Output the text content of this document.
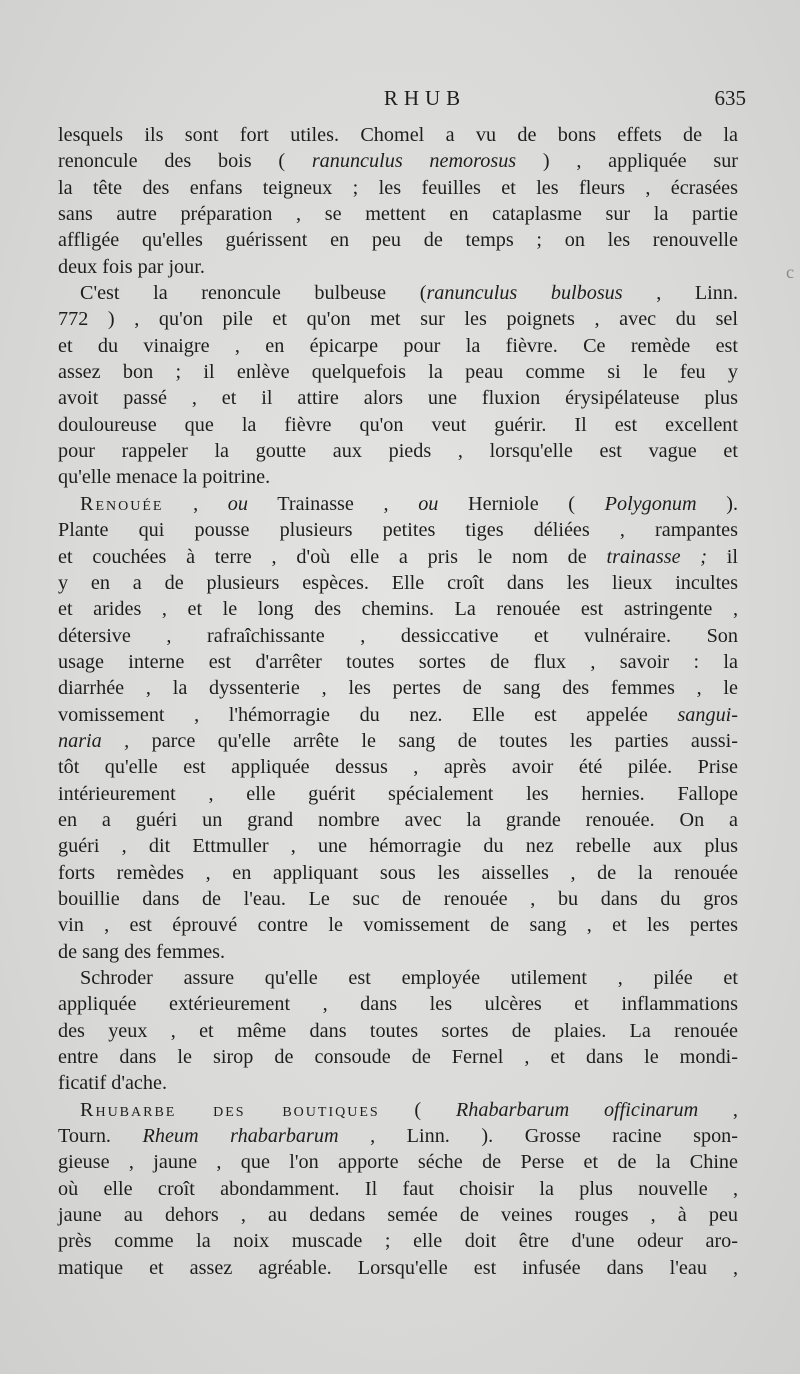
RHUB	635
c
lesquels ils sont fort utiles. Chomel a vu de bons effets de la
renoncule des bois ( ranunculus nemorosus ) , appliquée sur
la tête des enfans teigneux ; les feuilles et les fleurs , écrasées
sans autre préparation , se mettent en cataplasme sur la partie
affligée qu'elles guérissent en peu de temps ; on les renouvelle
deux fois par jour.
C'est la renoncule bulbeuse (ranunculus bulbosus , Linn.
772 ) , qu'on pile et qu'on met sur les poignets , avec du sel
et du vinaigre , en épicarpe pour la fièvre. Ce remède est
assez bon ; il enlève quelquefois la peau comme si le feu y
avoit passé , et il attire alors une fluxion érysipélateuse plus
douloureuse que la fièvre qu'on veut guérir. Il est excellent
pour rappeler la goutte aux pieds , lorsqu'elle est vague et
qu'elle menace la poitrine.
Renouée , ou Trainasse , ou Herniole ( Polygonum ).
Plante qui pousse plusieurs petites tiges déliées , rampantes
et couchées à terre , d'où elle a pris le nom de trainasse ; il
y en a de plusieurs espèces. Elle croît dans les lieux incultes
et arides , et le long des chemins. La renouée est astringente ,
détersive , rafraîchissante , dessiccative et vulnéraire. Son
usage interne est d'arrêter toutes sortes de flux , savoir : la
diarrhée , la dyssenterie , les pertes de sang des femmes , le
vomissement , l'hémorragie du nez. Elle est appelée sangui-
naria , parce qu'elle arrête le sang de toutes les parties aussi-
tôt qu'elle est appliquée dessus , après avoir été pilée. Prise
intérieurement , elle guérit spécialement les hernies. Fallope
en a guéri un grand nombre avec la grande renouée. On a
guéri , dit Ettmuller , une hémorragie du nez rebelle aux plus
forts remèdes , en appliquant sous les aisselles , de la renouée
bouillie dans de l'eau. Le suc de renouée , bu dans du gros
vin , est éprouvé contre le vomissement de sang , et les pertes
de sang des femmes.
Schroder assure qu'elle est employée utilement , pilée et
appliquée extérieurement , dans les ulcères et inflammations
des yeux , et même dans toutes sortes de plaies. La renouée
entre dans le sirop de consoude de Fernel , et dans le mondi-
ficatif d'ache.
Rhubarbe des boutiques ( Rhabarbarum officinarum ,
Tourn. Rheum rhabarbarum , Linn. ). Grosse racine spon-
gieuse , jaune , que l'on apporte séche de Perse et de la Chine
où elle croît abondamment. Il faut choisir la plus nouvelle ,
jaune au dehors , au dedans semée de veines rouges , à peu
près comme la noix muscade ; elle doit être d'une odeur aro-
matique et assez agréable. Lorsqu'elle est infusée dans l'eau ,
